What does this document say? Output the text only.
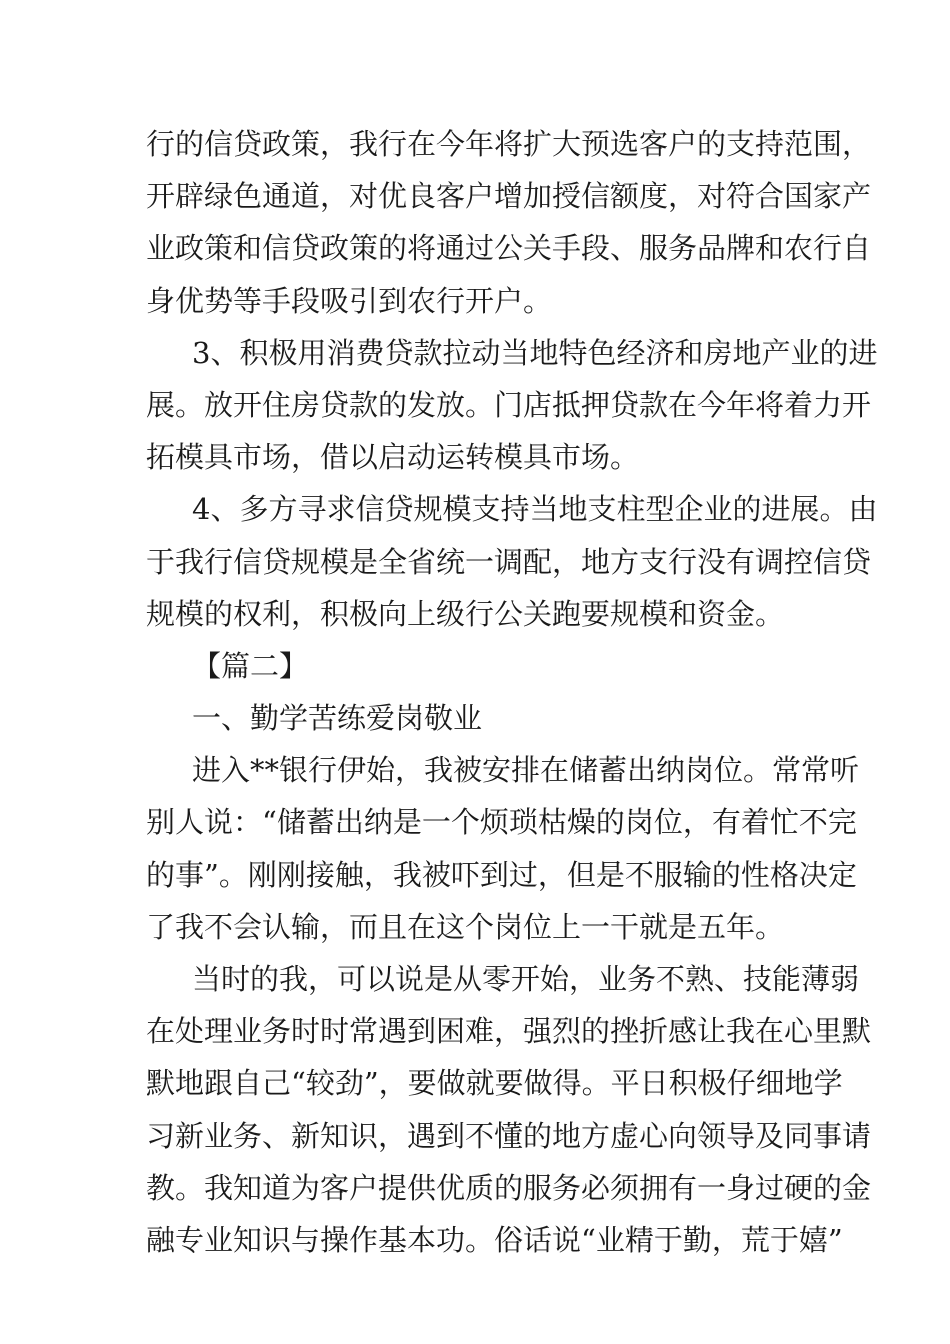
行的信贷政策，我行在今年将扩大预选客户的支持范围，
开辟绿色通道，对优良客户增加授信额度，对符合国家产
业政策和信贷政策的将通过公关手段、服务品牌和农行自
身优势等手段吸引到农行开户。
3、积极用消费贷款拉动当地特色经济和房地产业的进
展。放开住房贷款的发放。门店抵押贷款在今年将着力开
拓模具市场，借以启动运转模具市场。
4、多方寻求信贷规模支持当地支柱型企业的进展。由
于我行信贷规模是全省统一调配，地方支行没有调控信贷
规模的权利，积极向上级行公关跑要规模和资金。
【篇二】
一、勤学苦练爱岗敬业
进入**银行伊始，我被安排在储蓄出纳岗位。常常听
别人说：“储蓄出纳是一个烦琐枯燥的岗位，有着忙不完
的事”。刚刚接触，我被吓到过，但是不服输的性格决定
了我不会认输，而且在这个岗位上一干就是五年。
当时的我，可以说是从零开始，业务不熟、技能薄弱
在处理业务时时常遇到困难，强烈的挫折感让我在心里默
默地跟自己“较劲”，要做就要做得。平日积极仔细地学
习新业务、新知识，遇到不懂的地方虚心向领导及同事请
教。我知道为客户提供优质的服务必须拥有一身过硬的金
融专业知识与操作基本功。俗话说“业精于勤，荒于嬉”
